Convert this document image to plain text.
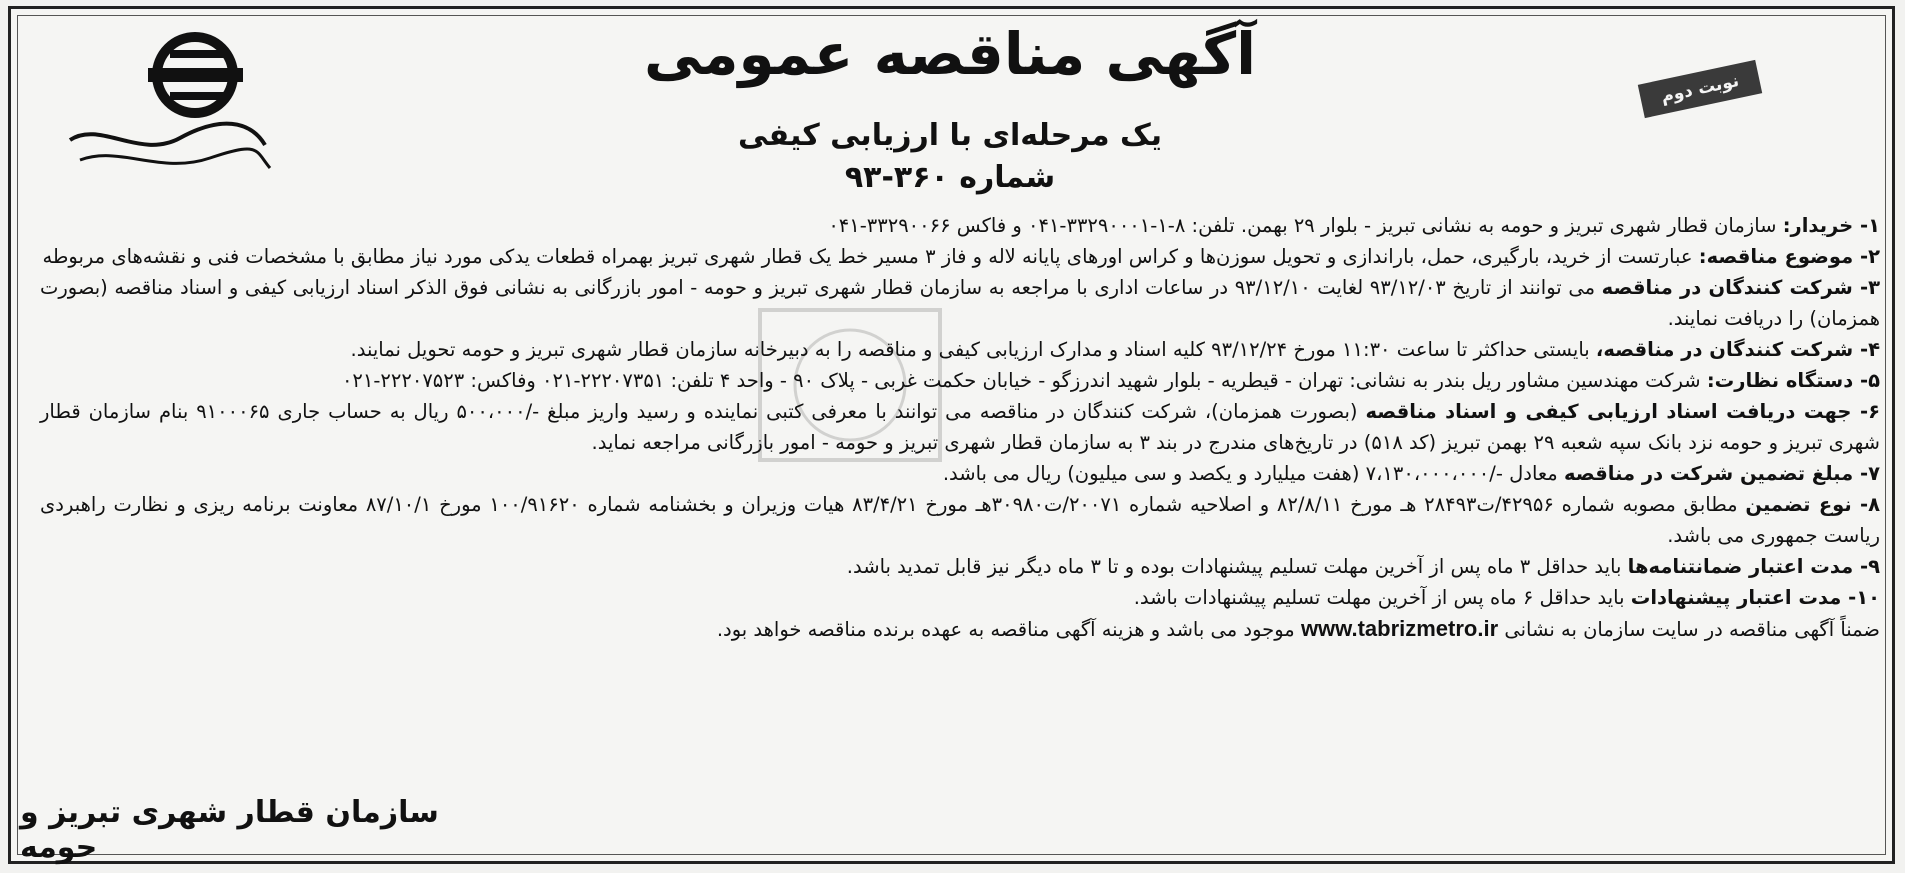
نوبت دوم
آگهی مناقصه عمومی
یک مرحله‌ای با ارزیابی کیفی
شماره ۳۶۰-۹۳

۱- خریدار: سازمان قطار شهری تبریز و حومه به نشانی تبریز - بلوار ۲۹ بهمن. تلفن: ۸-۱-۳۳۲۹۰۰۰۱-۰۴۱ و فاکس ۳۳۲۹۰۰۶۶-۰۴۱

۲- موضوع مناقصه: عبارتست از خرید، بارگیری، حمل، باراندازی و تحویل سوزن‌ها و کراس اورهای پایانه لاله و فاز ۳ مسیر خط یک قطار شهری تبریز بهمراه قطعات یدکی مورد نیاز مطابق با مشخصات فنی و نقشه‌های مربوطه

۳- شرکت کنندگان در مناقصه می توانند از تاریخ ۹۳/۱۲/۰۳ لغایت ۹۳/۱۲/۱۰ در ساعات اداری با مراجعه به سازمان قطار شهری تبریز و حومه - امور بازرگانی به نشانی فوق الذکر اسناد ارزیابی کیفی و اسناد مناقصه (بصورت همزمان) را دریافت نمایند.

۴- شرکت کنندگان در مناقصه، بایستی حداکثر تا ساعت ۱۱:۳۰ مورخ ۹۳/۱۲/۲۴ کلیه اسناد و مدارک ارزیابی کیفی و مناقصه را به دبیرخانه سازمان قطار شهری تبریز و حومه تحویل نمایند.

۵- دستگاه نظارت: شرکت مهندسین مشاور ریل بندر به نشانی: تهران - قیطریه - بلوار شهید اندرزگو - خیابان حکمت غربی - پلاک ۹۰ - واحد ۴ تلفن: ۲۲۲۰۷۳۵۱-۰۲۱ وفاکس: ۲۲۲۰۷۵۲۳-۰۲۱

۶- جهت دریافت اسناد ارزیابی کیفی و اسناد مناقصه (بصورت همزمان)، شرکت کنندگان در مناقصه می توانند با معرفی کتبی نماینده و رسید واریز مبلغ -/۵۰۰،۰۰۰ ریال به حساب جاری ۹۱۰۰۰۶۵ بنام سازمان قطار شهری تبریز و حومه نزد بانک سپه شعبه ۲۹ بهمن تبریز (کد ۵۱۸) در تاریخ‌های مندرج در بند ۳ به سازمان قطار شهری تبریز و حومه - امور بازرگانی مراجعه نماید.

۷- مبلغ تضمین شرکت در مناقصه معادل -/۷،۱۳۰،۰۰۰،۰۰۰ (هفت میلیارد و یکصد و سی میلیون) ریال می باشد.

۸- نوع تضمین مطابق مصوبه شماره ۴۲۹۵۶/ت۲۸۴۹۳ هـ مورخ ۸۲/۸/۱۱ و اصلاحیه شماره ۲۰۰۷۱/ت۳۰۹۸۰هـ مورخ ۸۳/۴/۲۱ هیات وزیران و بخشنامه شماره ۱۰۰/۹۱۶۲۰ مورخ ۸۷/۱۰/۱ معاونت برنامه ریزی و نظارت راهبردی ریاست جمهوری می باشد.

۹- مدت اعتبار ضمانتنامه‌ها باید حداقل ۳ ماه پس از آخرین مهلت تسلیم پیشنهادات بوده و تا ۳ ماه دیگر نیز قابل تمدید باشد.

۱۰- مدت اعتبار پیشنهادات باید حداقل ۶ ماه پس از آخرین مهلت تسلیم پیشنهادات باشد.

ضمناً آگهی مناقصه در سایت سازمان به نشانی www.tabrizmetro.ir موجود می باشد و هزینه آگهی مناقصه به عهده برنده مناقصه خواهد بود.

سازمان قطار شهری تبریز و حومه
